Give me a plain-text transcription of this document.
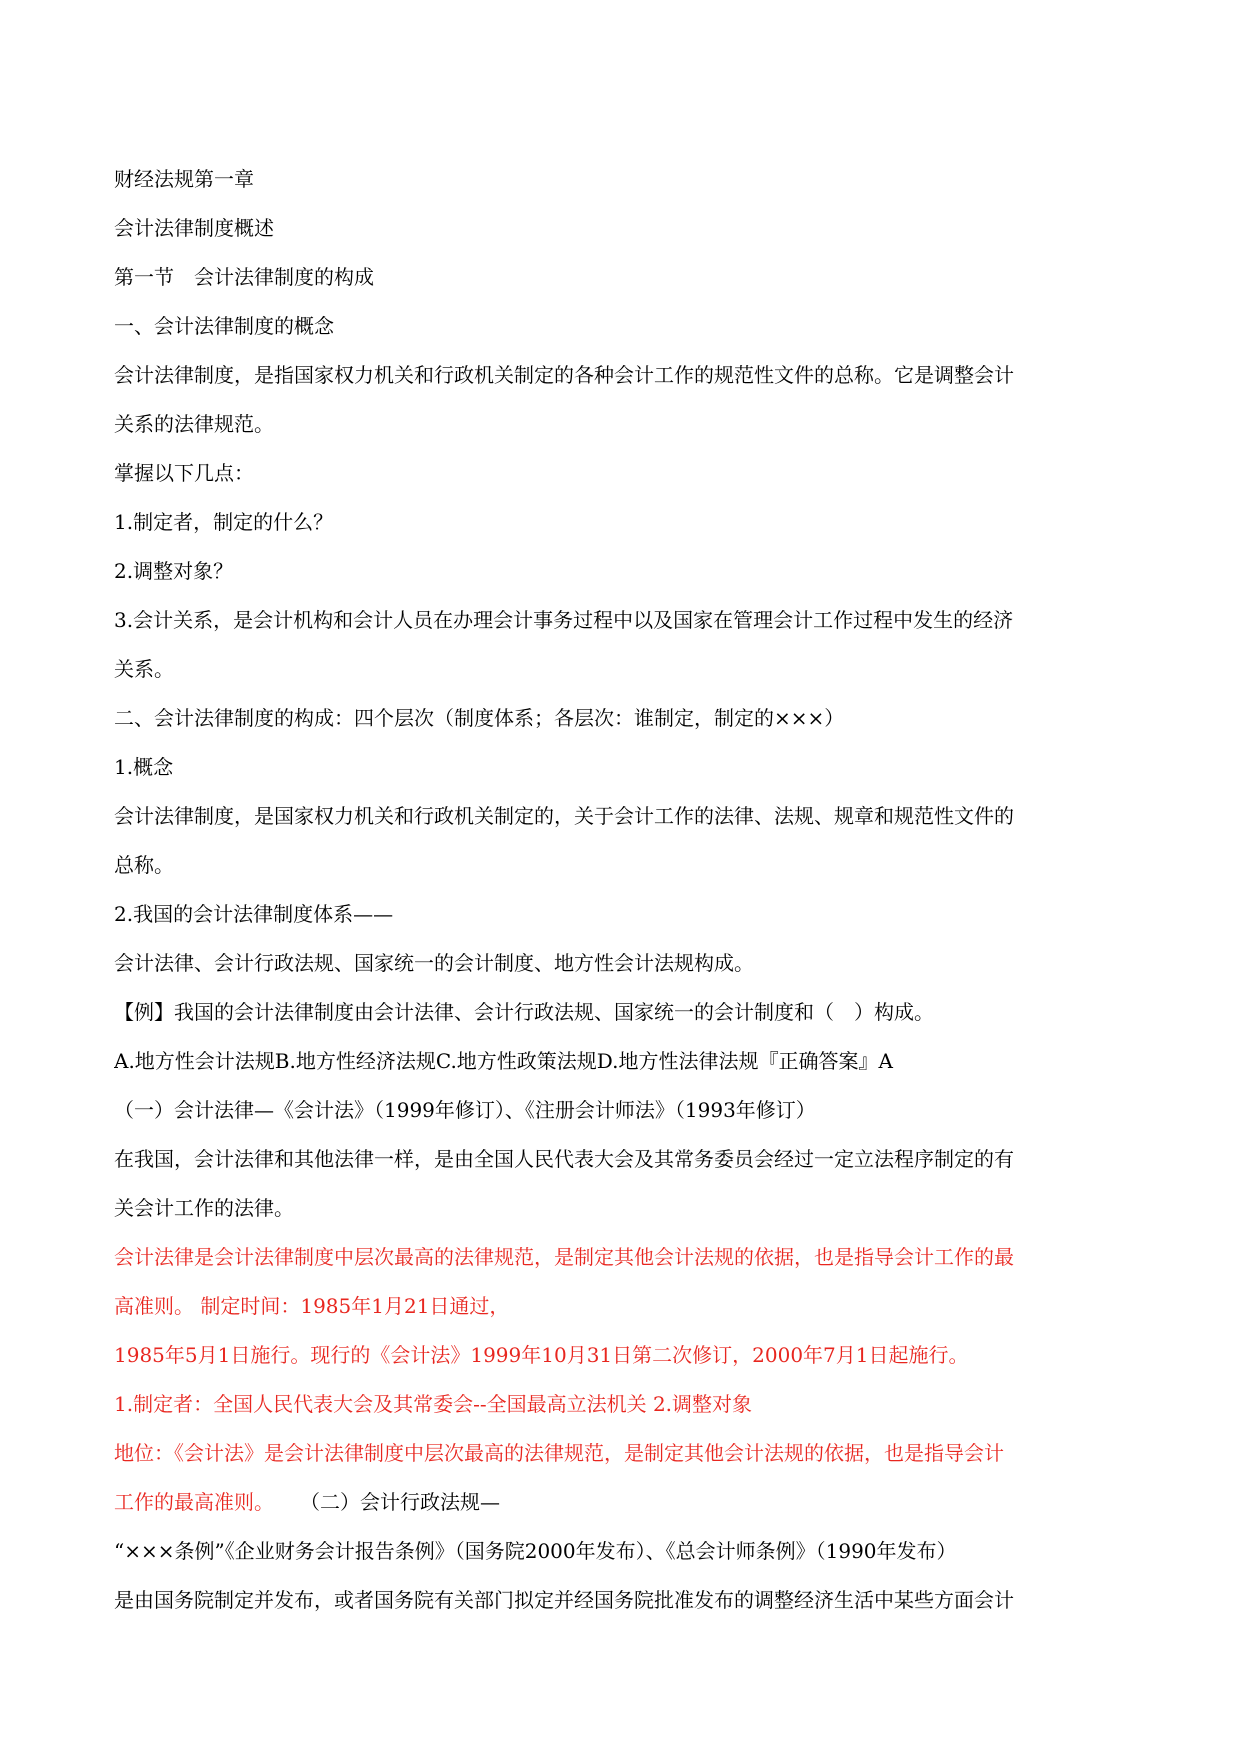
财经法规第一章
会计法律制度概述
第一节　会计法律制度的构成
一、会计法律制度的概念
会计法律制度，是指国家权力机关和行政机关制定的各种会计工作的规范性文件的总称。它是调整会计
关系的法律规范。
掌握以下几点：
1.制定者，制定的什么？
2.调整对象？
3.会计关系，是会计机构和会计人员在办理会计事务过程中以及国家在管理会计工作过程中发生的经济
关系。
二、会计法律制度的构成：四个层次（制度体系；各层次：谁制定，制定的×××）
1.概念
会计法律制度，是国家权力机关和行政机关制定的，关于会计工作的法律、法规、规章和规范性文件的
总称。
2.我国的会计法律制度体系——
会计法律、会计行政法规、国家统一的会计制度、地方性会计法规构成。
【例】我国的会计法律制度由会计法律、会计行政法规、国家统一的会计制度和（　）构成。
A.地方性会计法规B.地方性经济法规C.地方性政策法规D.地方性法律法规『正确答案』A
（一）会计法律—《会计法》（1999年修订）、《注册会计师法》（1993年修订）
在我国，会计法律和其他法律一样，是由全国人民代表大会及其常务委员会经过一定立法程序制定的有
关会计工作的法律。
会计法律是会计法律制度中层次最高的法律规范，是制定其他会计法规的依据，也是指导会计工作的最
高准则。 制定时间：1985年1月21日通过，
1985年5月1日施行。现行的《会计法》1999年10月31日第二次修订，2000年7月1日起施行。
1.制定者：全国人民代表大会及其常委会--全国最高立法机关 2.调整对象
地位：《会计法》是会计法律制度中层次最高的法律规范，是制定其他会计法规的依据，也是指导会计
工作的最高准则。 （二）会计行政法规—
“×××条例”《企业财务会计报告条例》（国务院2000年发布）、《总会计师条例》（1990年发布）
是由国务院制定并发布，或者国务院有关部门拟定并经国务院批准发布的调整经济生活中某些方面会计
